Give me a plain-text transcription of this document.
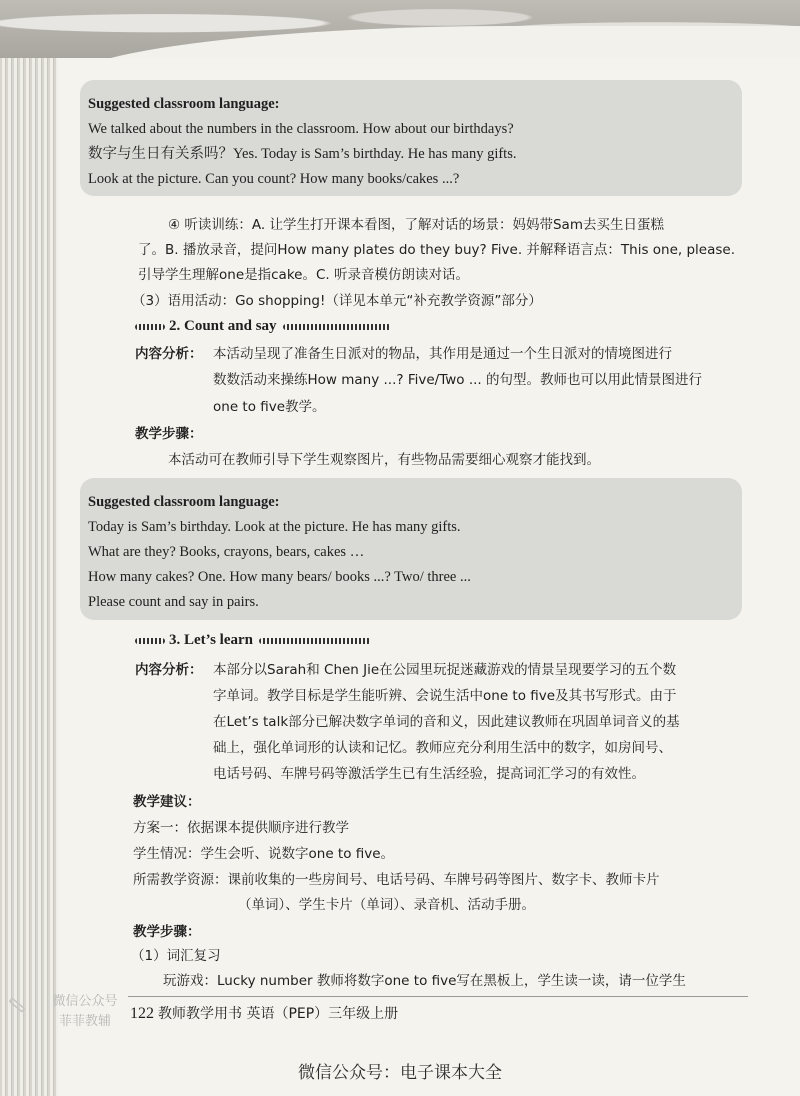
Suggested classroom language:
We talked about the numbers in the classroom. How about our birthdays?
数字与生日有关系吗？Yes. Today is Sam’s birthday. He has many gifts.
Look at the picture. Can you count? How many books/cakes ...?
④ 听读训练：A. 让学生打开课本看图，了解对话的场景：妈妈带Sam去买生日蛋糕
了。B. 播放录音，提问How many plates do they buy? Five. 并解释语言点：This one, please.
引导学生理解one是指cake。C. 听录音模仿朗读对话。
（3）语用活动：Go shopping!（详见本单元“补充教学资源”部分）
2. Count and say
内容分析： 本活动呈现了准备生日派对的物品，其作用是通过一个生日派对的情境图进行
数数活动来操练How many ...? Five/Two ... 的句型。教师也可以用此情景图进行
one to five教学。
教学步骤：
本活动可在教师引导下学生观察图片，有些物品需要细心观察才能找到。
Suggested classroom language:
Today is Sam’s birthday. Look at the picture. He has many gifts.
What are they? Books, crayons, bears, cakes …
How many cakes? One. How many bears/ books ...? Two/ three ...
Please count and say in pairs.
3. Let’s learn
内容分析： 本部分以Sarah和 Chen Jie在公园里玩捉迷藏游戏的情景呈现要学习的五个数
字单词。教学目标是学生能听辨、会说生活中one to five及其书写形式。由于
在Let’s talk部分已解决数字单词的音和义，因此建议教师在巩固单词音义的基
础上，强化单词形的认读和记忆。教师应充分利用生活中的数字，如房间号、
电话号码、车牌号码等激活学生已有生活经验，提高词汇学习的有效性。
教学建议：
方案一：依据课本提供顺序进行教学
学生情况：学生会听、说数字one to five。
所需教学资源：课前收集的一些房间号、电话号码、车牌号码等图片、数字卡、教师卡片
（单词）、学生卡片（单词）、录音机、活动手册。
教学步骤：
（1）词汇复习
玩游戏：Lucky number 教师将数字one to five写在黑板上，学生读一读，请一位学生
122 教师教学用书 英语（PEP）三年级上册
微信公众号
菲菲教辅
微信公众号：电子课本大全
